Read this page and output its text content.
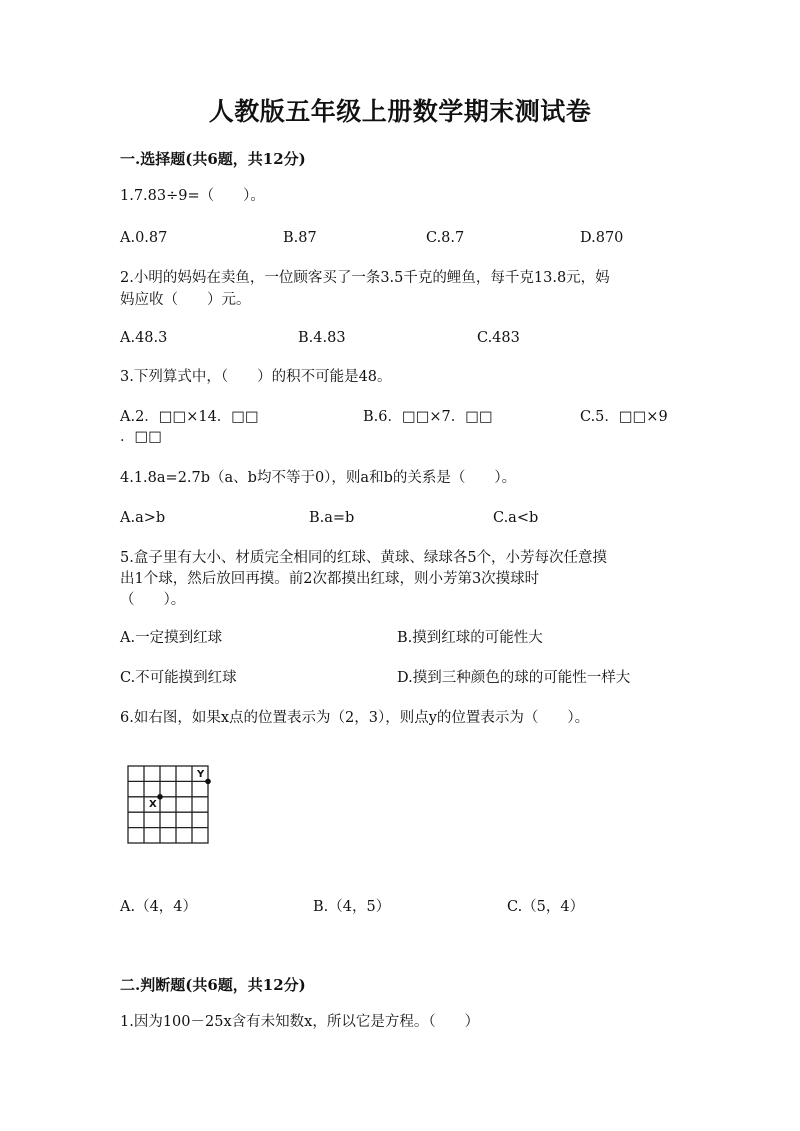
人教版五年级上册数学期末测试卷
一.选择题(共6题，共12分)
1.7.83÷9=（　　）。
A.0.87	B.87	C.8.7	D.870
2.小明的妈妈在卖鱼，一位顾客买了一条3.5千克的鲤鱼，每千克13.8元，妈
妈应收（　　）元。
A.48.3	B.4.83	C.483
3.下列算式中，（　　）的积不可能是48。
A.2．□□×14．□□	B.6．□□×7．□□	C.5．□□×9
．□□
4.1.8a=2.7b（a、b均不等于0），则a和b的关系是（　　）。
A.a>b	B.a=b	C.a<b
5.盒子里有大小、材质完全相同的红球、黄球、绿球各5个，小芳每次任意摸
出1个球，然后放回再摸。前2次都摸出红球，则小芳第3次摸球时
（　　）。
A.一定摸到红球	B.摸到红球的可能性大
C.不可能摸到红球	D.摸到三种颜色的球的可能性一样大
6.如右图，如果x点的位置表示为（2，3），则点y的位置表示为（　　）。
X
Y
A.（4，4）	B.（4，5）	C.（5，4）
二.判断题(共6题，共12分)
1.因为100－25x含有未知数x，所以它是方程。（　　）
